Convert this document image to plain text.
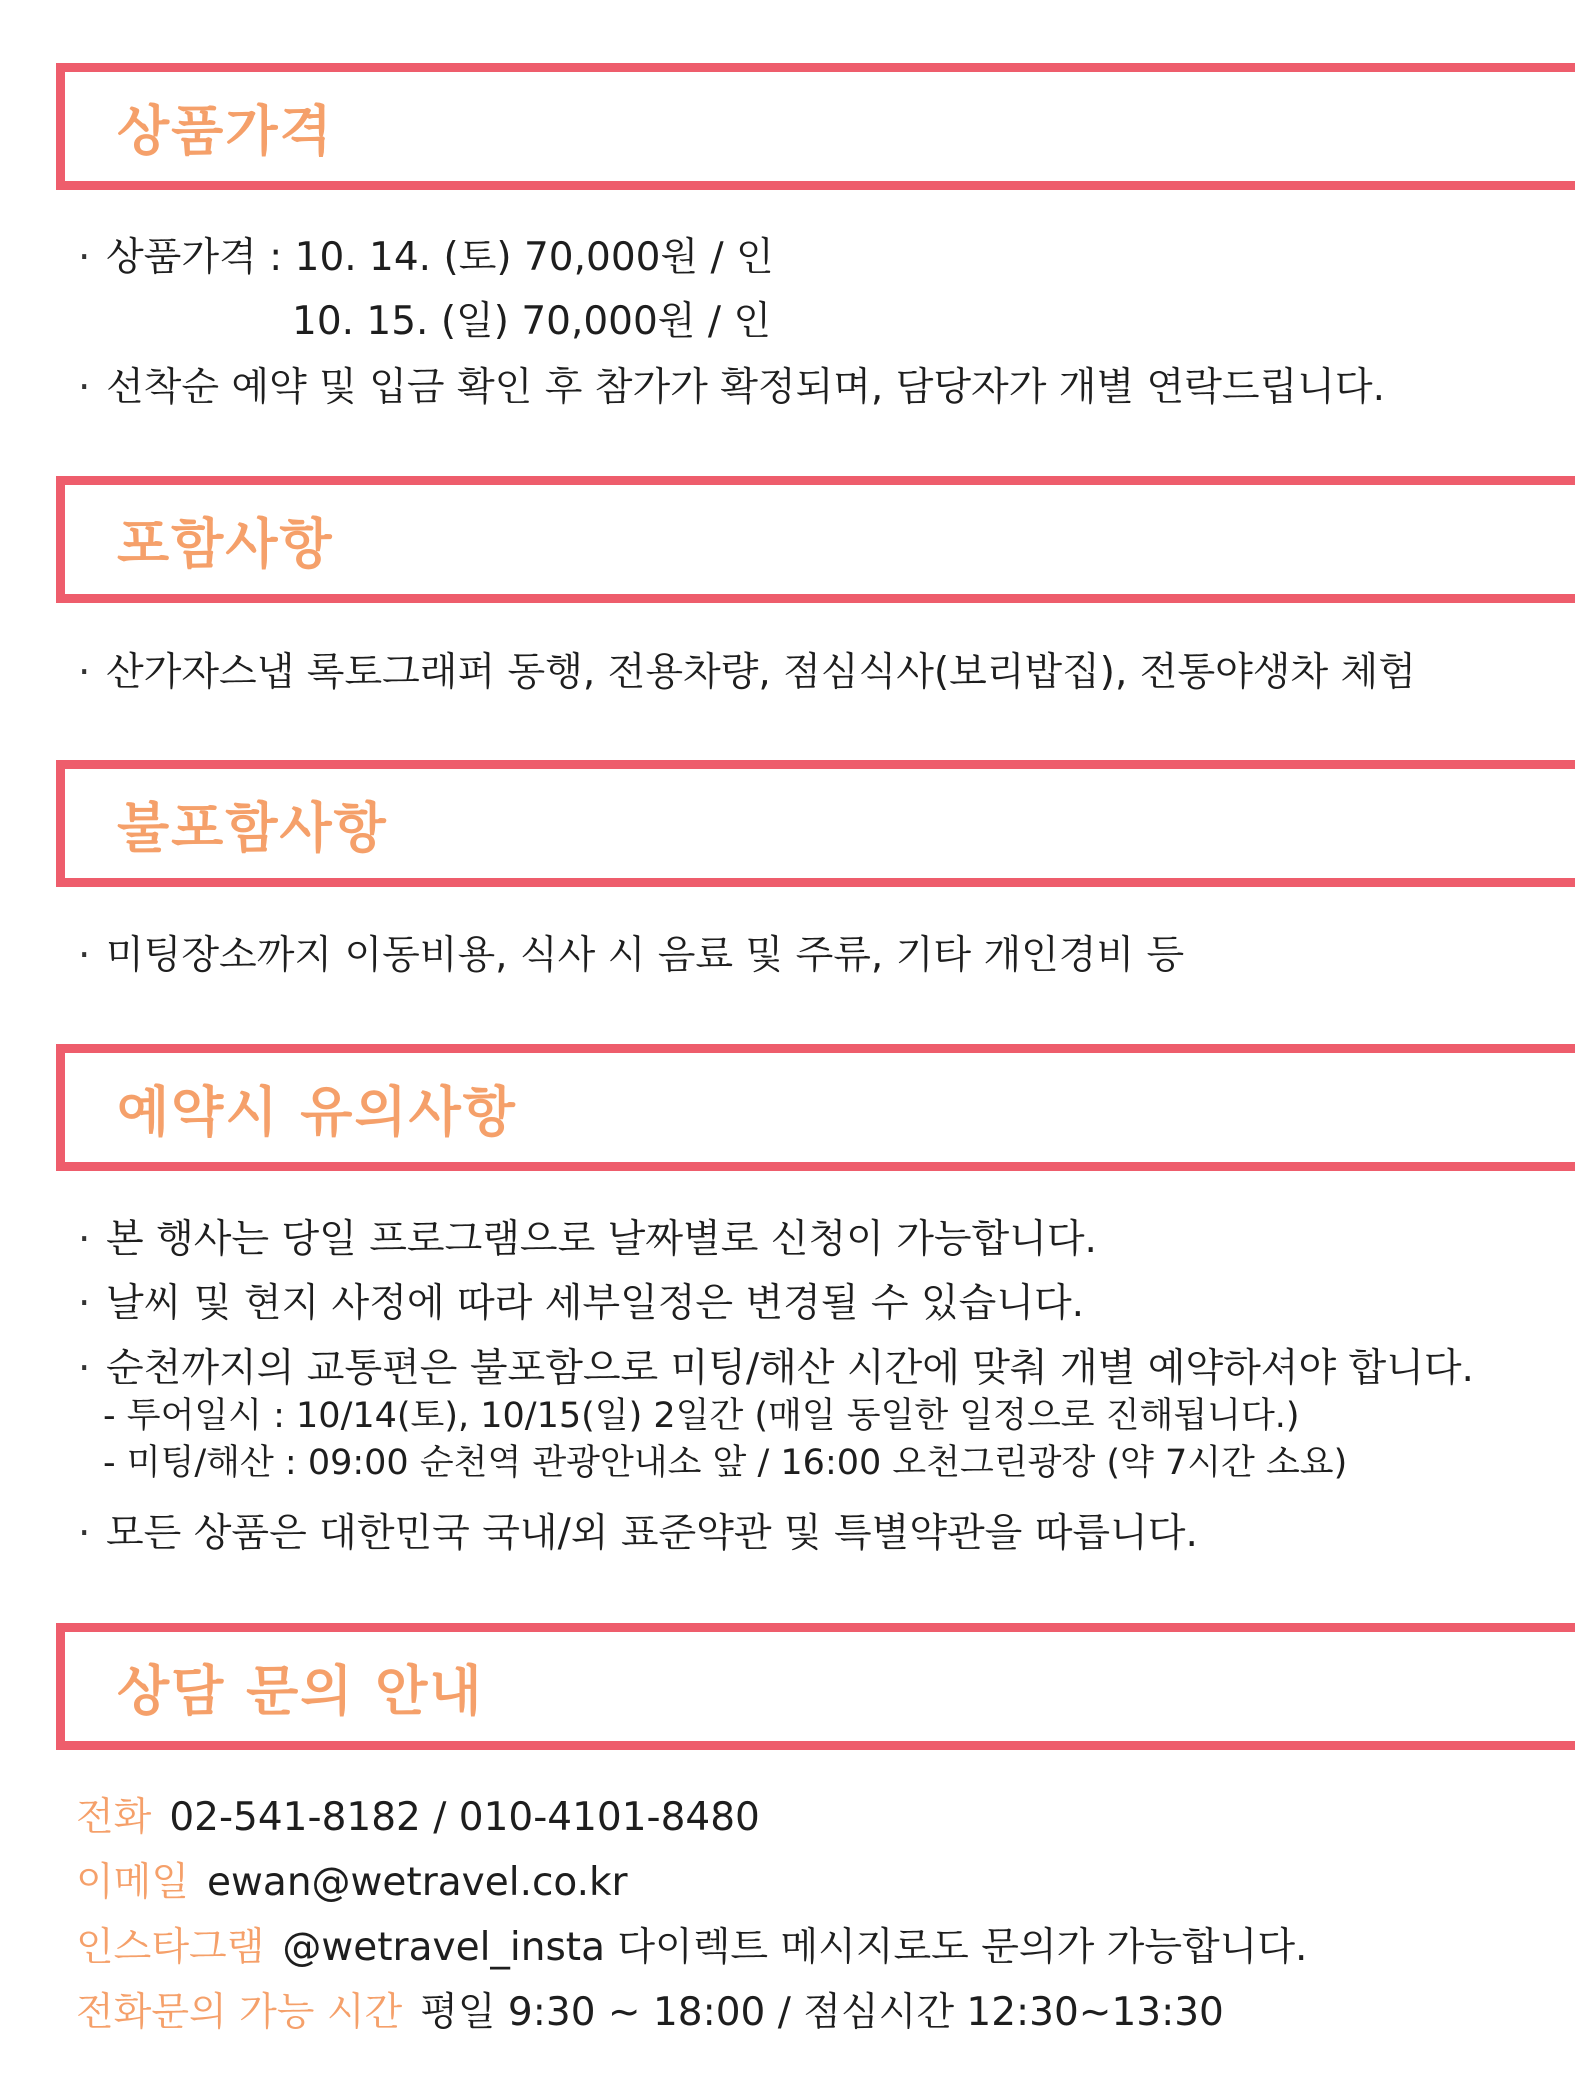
상품가격
· 상품가격 : 10. 14. (토) 70,000원 / 인
10. 15. (일) 70,000원 / 인
· 선착순 예약 및 입금 확인 후 참가가 확정되며, 담당자가 개별 연락드립니다.
포함사항
· 산가자스냅 록토그래퍼 동행, 전용차량, 점심식사(보리밥집), 전통야생차 체험
불포함사항
· 미팅장소까지 이동비용, 식사 시 음료 및 주류, 기타 개인경비 등
예약시 유의사항
· 본 행사는 당일 프로그램으로 날짜별로 신청이 가능합니다.
· 날씨 및 현지 사정에 따라 세부일정은 변경될 수 있습니다.
· 순천까지의 교통편은 불포함으로 미팅/해산 시간에 맞춰 개별 예약하셔야 합니다.
- 투어일시 : 10/14(토), 10/15(일) 2일간 (매일 동일한 일정으로 진해됩니다.)
- 미팅/해산 : 09:00 순천역 관광안내소 앞 / 16:00 오천그린광장 (약 7시간 소요)
· 모든 상품은 대한민국 국내/외 표준약관 및 특별약관을 따릅니다.
상담 문의 안내
전화 02-541-8182 / 010-4101-8480
이메일 ewan@wetravel.co.kr
인스타그램 @wetravel_insta 다이렉트 메시지로도 문의가 가능합니다.
전화문의 가능 시간 평일 9:30 ~ 18:00 / 점심시간 12:30~13:30
